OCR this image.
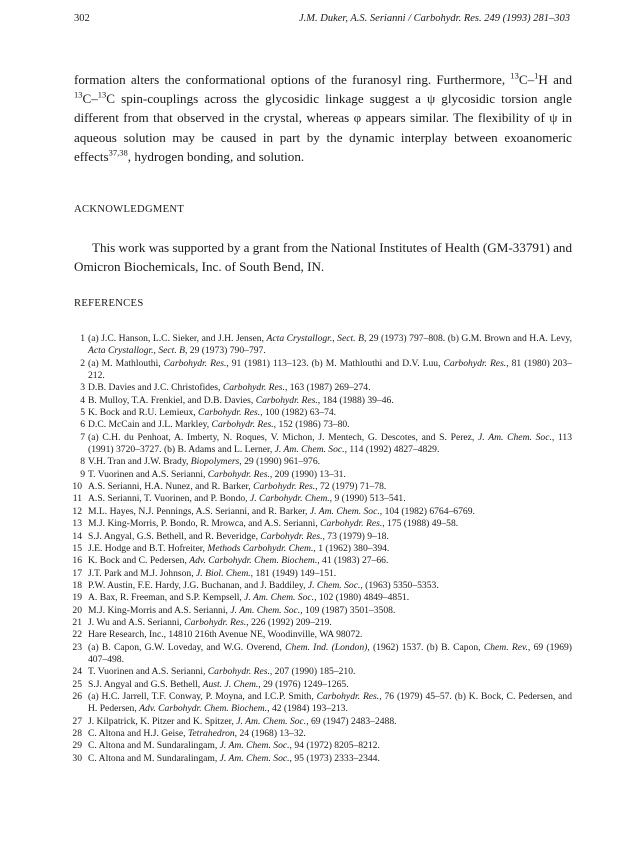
302	J.M. Duker, A.S. Serianni / Carbohydr. Res. 249 (1993) 281–303

formation alters the conformational options of the furanosyl ring. Furthermore, $^{13}$C–$^1$H and $^{13}$C–$^{13}$C spin-couplings across the glycosidic linkage suggest a ψ glycosidic torsion angle different from that observed in the crystal, whereas φ appears similar. The flexibility of ψ in aqueous solution may be caused in part by the dynamic interplay between exoanomeric effects$^{37,38}$, hydrogen bonding, and solution.

ACKNOWLEDGMENT

This work was supported by a grant from the National Institutes of Health (GM-33791) and Omicron Biochemicals, Inc. of South Bend, IN.

REFERENCES
1 (a) J.C. Hanson, L.C. Sieker, and J.H. Jensen, Acta Crystallogr., Sect. B, 29 (1973) 797–808. (b) G.M. Brown and H.A. Levy, Acta Crystallogr., Sect. B, 29 (1973) 790–797.
2 (a) M. Mathlouthi, Carbohydr. Res., 91 (1981) 113–123. (b) M. Mathlouthi and D.V. Luu, Carbohydr. Res., 81 (1980) 203–212.
3 D.B. Davies and J.C. Christofides, Carbohydr. Res., 163 (1987) 269–274.
4 B. Mulloy, T.A. Frenkiel, and D.B. Davies, Carbohydr. Res., 184 (1988) 39–46.
5 K. Bock and R.U. Lemieux, Carbohydr. Res., 100 (1982) 63–74.
6 D.C. McCain and J.L. Markley, Carbohydr. Res., 152 (1986) 73–80.
7 (a) C.H. du Penhoat, A. Imberty, N. Roques, V. Michon, J. Mentech, G. Descotes, and S. Perez, J. Am. Chem. Soc., 113 (1991) 3720–3727. (b) B. Adams and L. Lerner, J. Am. Chem. Soc., 114 (1992) 4827–4829.
8 V.H. Tran and J.W. Brady, Biopolymers, 29 (1990) 961–976.
9 T. Vuorinen and A.S. Serianni, Carbohydr. Res., 209 (1990) 13–31.
10 A.S. Serianni, H.A. Nunez, and R. Barker, Carbohydr. Res., 72 (1979) 71–78.
11 A.S. Serianni, T. Vuorinen, and P. Bondo, J. Carbohydr. Chem., 9 (1990) 513–541.
12 M.L. Hayes, N.J. Pennings, A.S. Serianni, and R. Barker, J. Am. Chem. Soc., 104 (1982) 6764–6769.
13 M.J. King-Morris, P. Bondo, R. Mrowca, and A.S. Serianni, Carbohydr. Res., 175 (1988) 49–58.
14 S.J. Angyal, G.S. Bethell, and R. Beveridge, Carbohydr. Res., 73 (1979) 9–18.
15 J.E. Hodge and B.T. Hofreiter, Methods Carbohydr. Chem., 1 (1962) 380–394.
16 K. Bock and C. Pedersen, Adv. Carbohydr. Chem. Biochem., 41 (1983) 27–66.
17 J.T. Park and M.J. Johnson, J. Biol. Chem., 181 (1949) 149–151.
18 P.W. Austin, F.E. Hardy, J.G. Buchanan, and J. Baddiley, J. Chem. Soc., (1963) 5350–5353.
19 A. Bax, R. Freeman, and S.P. Kempsell, J. Am. Chem. Soc., 102 (1980) 4849–4851.
20 M.J. King-Morris and A.S. Serianni, J. Am. Chem. Soc., 109 (1987) 3501–3508.
21 J. Wu and A.S. Serianni, Carbohydr. Res., 226 (1992) 209–219.
22 Hare Research, Inc., 14810 216th Avenue NE, Woodinville, WA 98072.
23 (a) B. Capon, G.W. Loveday, and W.G. Overend, Chem. Ind. (London), (1962) 1537. (b) B. Capon, Chem. Rev., 69 (1969) 407–498.
24 T. Vuorinen and A.S. Serianni, Carbohydr. Res., 207 (1990) 185–210.
25 S.J. Angyal and G.S. Bethell, Aust. J. Chem., 29 (1976) 1249–1265.
26 (a) H.C. Jarrell, T.F. Conway, P. Moyna, and I.C.P. Smith, Carbohydr. Res., 76 (1979) 45–57. (b) K. Bock, C. Pedersen, and H. Pedersen, Adv. Carbohydr. Chem. Biochem., 42 (1984) 193–213.
27 J. Kilpatrick, K. Pitzer and K. Spitzer, J. Am. Chem. Soc., 69 (1947) 2483–2488.
28 C. Altona and H.J. Geise, Tetrahedron, 24 (1968) 13–32.
29 C. Altona and M. Sundaralingam, J. Am. Chem. Soc., 94 (1972) 8205–8212.
30 C. Altona and M. Sundaralingam, J. Am. Chem. Soc., 95 (1973) 2333–2344.
